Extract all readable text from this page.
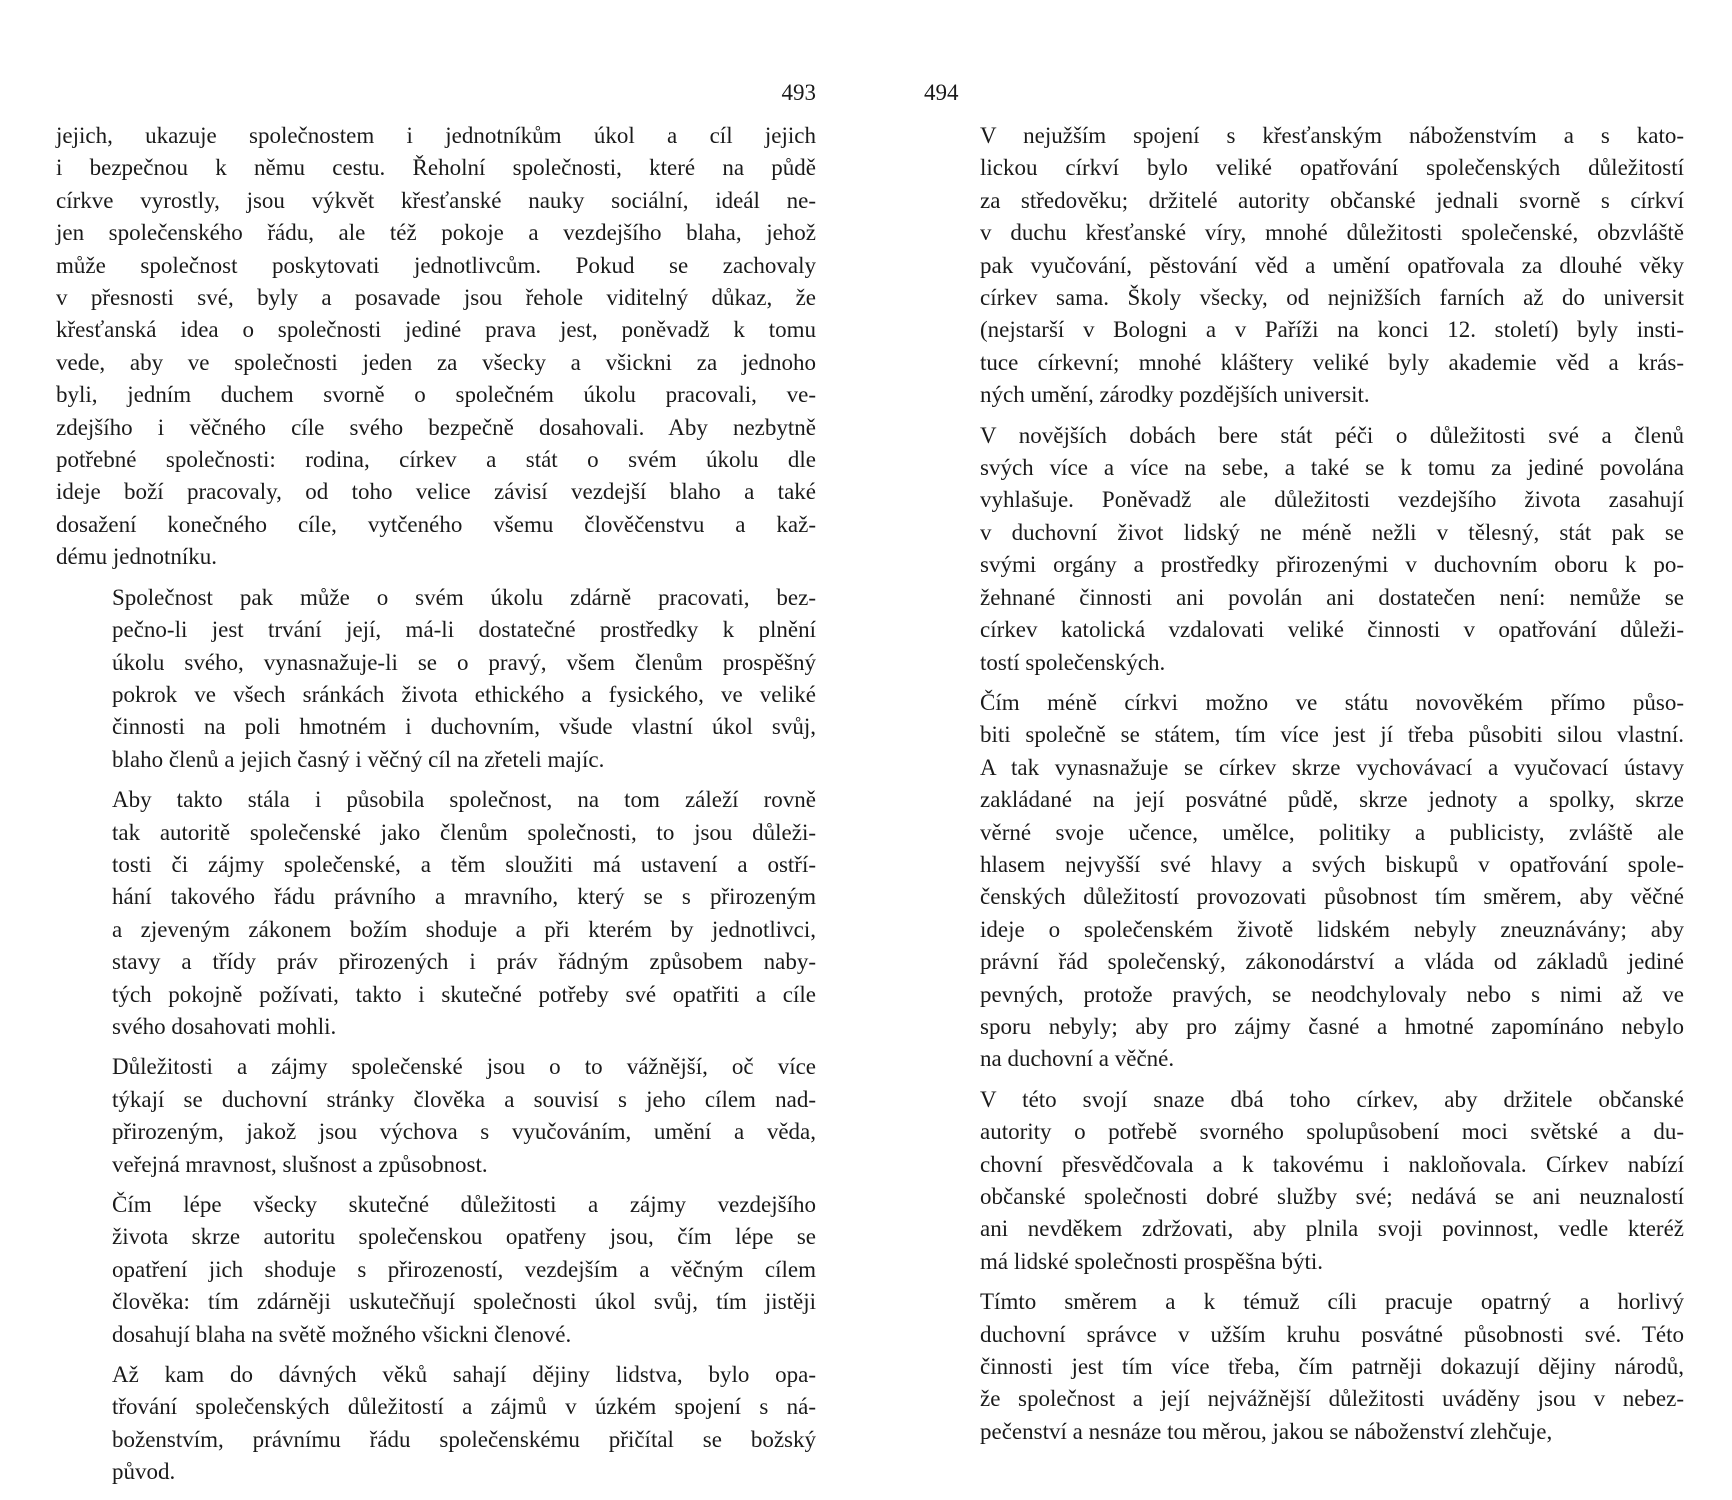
493

jejich, ukazuje společnostem i jednotníkům úkol a cíl jejich
i bezpečnou k němu cestu. Řeholní společnosti, které na půdě
církve vyrostly, jsou výkvět křesťanské nauky sociální, ideál ne-
jen společenského řádu, ale též pokoje a vezdejšího blaha, jehož
může společnost poskytovati jednotlivcům. Pokud se zachovaly
v přesnosti své, byly a posavade jsou řehole viditelný důkaz, že
křesťanská idea o společnosti jediné prava jest, poněvadž k tomu
vede, aby ve společnosti jeden za všecky a všickni za jednoho
byli, jedním duchem svorně o společném úkolu pracovali, ve-
zdejšího i věčného cíle svého bezpečně dosahovali. Aby nezbytně
potřebné společnosti: rodina, církev a stát o svém úkolu dle
ideje boží pracovaly, od toho velice závisí vezdejší blaho a také
dosažení konečného cíle, vytčeného všemu člověčenstvu a kaž-
dému jednotníku.

Společnost pak může o svém úkolu zdárně pracovati, bez-
pečno-li jest trvání její, má-li dostatečné prostředky k plnění
úkolu svého, vynasnažuje-li se o pravý, všem členům prospěšný
pokrok ve všech sránkách života ethického a fysického, ve veliké
činnosti na poli hmotném i duchovním, všude vlastní úkol svůj,
blaho členů a jejich časný i věčný cíl na zřeteli majíc.

Aby takto stála i působila společnost, na tom záleží rovně
tak autoritě společenské jako členům společnosti, to jsou důleži-
tosti či zájmy společenské, a těm sloužiti má ustavení a ostří-
hání takového řádu právního a mravního, který se s přirozeným
a zjeveným zákonem božím shoduje a při kterém by jednotlivci,
stavy a třídy práv přirozených i práv řádným způsobem naby-
tých pokojně požívati, takto i skutečné potřeby své opatřiti a cíle
svého dosahovati mohli.

Důležitosti a zájmy společenské jsou o to vážnější, oč více
týkají se duchovní stránky člověka a souvisí s jeho cílem nad-
přirozeným, jakož jsou výchova s vyučováním, umění a věda,
veřejná mravnost, slušnost a způsobnost.

Čím lépe všecky skutečné důležitosti a zájmy vezdejšího
života skrze autoritu společenskou opatřeny jsou, čím lépe se
opatření jich shoduje s přirozeností, vezdejším a věčným cílem
člověka: tím zdárněji uskutečňují společnosti úkol svůj, tím jistěji
dosahují blaha na světě možného všickni členové.

Až kam do dávných věků sahají dějiny lidstva, bylo opa-
třování společenských důležitostí a zájmů v úzkém spojení s ná-
boženstvím, právnímu řádu společenskému přičítal se božský
původ.

494

V nejužším spojení s křesťanským náboženstvím a s kato-
lickou církví bylo veliké opatřování společenských důležitostí
za středověku; držitelé autority občanské jednali svorně s církví
v duchu křesťanské víry, mnohé důležitosti společenské, obzvláště
pak vyučování, pěstování věd a umění opatřovala za dlouhé věky
církev sama. Školy všecky, od nejnižších farních až do universit
(nejstarší v Bologni a v Paříži na konci 12. století) byly insti-
tuce církevní; mnohé kláštery veliké byly akademie věd a krás-
ných umění, zárodky pozdějších universit.

V novějších dobách bere stát péči o důležitosti své a členů
svých více a více na sebe, a také se k tomu za jediné povolána
vyhlašuje. Poněvadž ale důležitosti vezdejšího života zasahují
v duchovní život lidský ne méně nežli v tělesný, stát pak se
svými orgány a prostředky přirozenými v duchovním oboru k po-
žehnané činnosti ani povolán ani dostatečen není: nemůže se
církev katolická vzdalovati veliké činnosti v opatřování důleži-
tostí společenských.

Čím méně církvi možno ve státu novověkém přímo půso-
biti společně se státem, tím více jest jí třeba působiti silou vlastní.
A tak vynasnažuje se církev skrze vychovávací a vyučovací ústavy
zakládané na její posvátné půdě, skrze jednoty a spolky, skrze
věrné svoje učence, umělce, politiky a publicisty, zvláště ale
hlasem nejvyšší své hlavy a svých biskupů v opatřování spole-
čenských důležitostí provozovati působnost tím směrem, aby věčné
ideje o společenském životě lidském nebyly zneuznávány; aby
právní řád společenský, zákonodárství a vláda od základů jediné
pevných, protože pravých, se neodchylovaly nebo s nimi až ve
sporu nebyly; aby pro zájmy časné a hmotné zapomínáno nebylo
na duchovní a věčné.

V této svojí snaze dbá toho církev, aby držitele občanské
autority o potřebě svorného spolupůsobení moci světské a du-
chovní přesvědčovala a k takovému i nakloňovala. Církev nabízí
občanské společnosti dobré služby své; nedává se ani neuznalostí
ani nevděkem zdržovati, aby plnila svoji povinnost, vedle kteréž
má lidské společnosti prospěšna býti.

Tímto směrem a k témuž cíli pracuje opatrný a horlivý
duchovní správce v užším kruhu posvátné působnosti své. Této
činnosti jest tím více třeba, čím patrněji dokazují dějiny národů,
že společnost a její nejvážnější důležitosti uváděny jsou v nebez-
pečenství a nesnáze tou měrou, jakou se náboženství zlehčuje,
